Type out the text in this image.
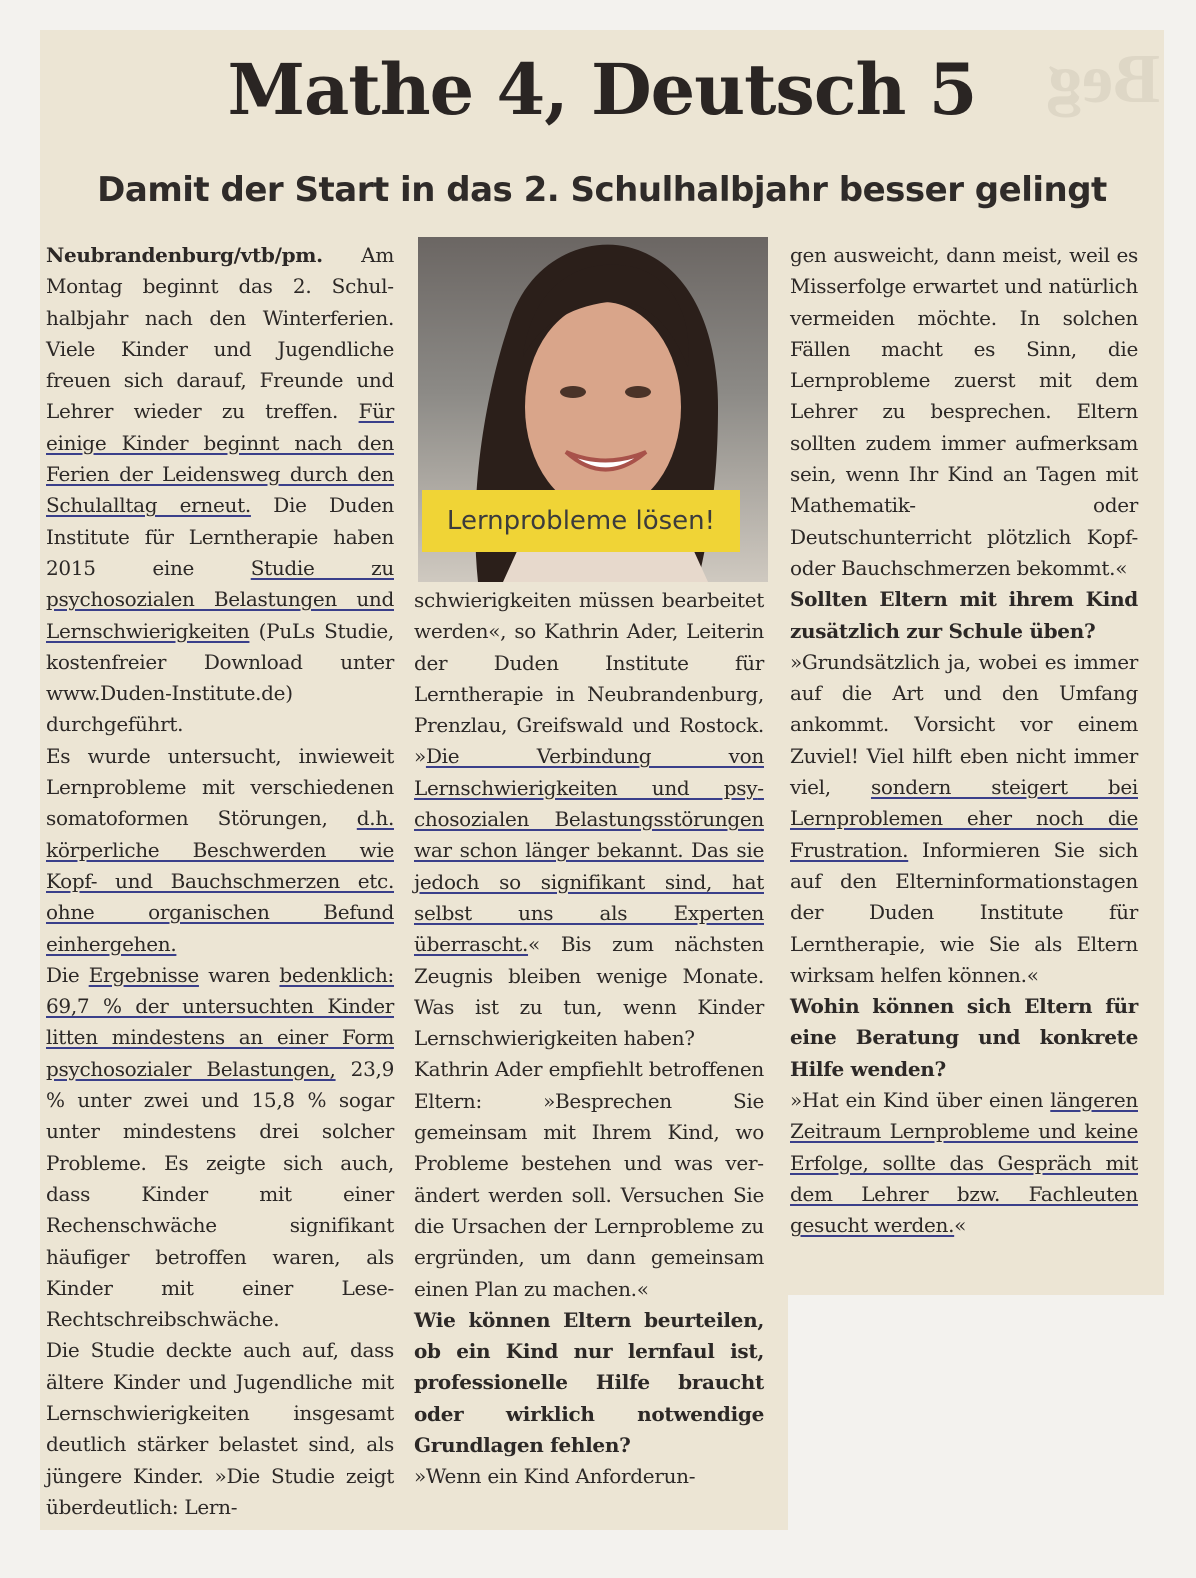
Beg
Mathe 4, Deutsch 5
Damit der Start in das 2. Schulhalbjahr besser gelingt

Neubrandenburg/vtb/pm. Am Montag beginnt das 2. Schulhalbjahr nach den Winterferien. Viele Kinder und Jugendliche freuen sich darauf, Freunde und Lehrer wieder zu treffen. Für einige Kinder beginnt nach den Ferien der Leidensweg durch den Schulalltag erneut. Die Duden Institute für Lerntherapie haben 2015 eine Studie zu psychosozialen Belastungen und Lernschwierigkeiten (PuLs Studie, kostenfreier Download unter www.Duden-Institute.de) durchgeführt.

Es wurde untersucht, inwieweit Lernprobleme mit verschiedenen somatoformen Störungen, d.h. körperliche Beschwerden wie Kopf- und Bauchschmerzen etc. ohne organischen Befund einhergehen.

Die Ergebnisse waren bedenklich: 69,7 % der untersuchten Kinder litten mindestens an einer Form psychosozialer Belastungen, 23,9 % unter zwei und 15,8 % sogar unter mindestens drei solcher Probleme. Es zeigte sich auch, dass Kinder mit einer Rechenschwäche signifikant häufiger betroffen waren, als Kinder mit einer Lese-Rechtschreibschwäche.

Die Studie deckte auch auf, dass ältere Kinder und Jugendliche mit Lernschwierigkeiten insgesamt deutlich stärker belastet sind, als jüngere Kinder. »Die Studie zeigt überdeutlich: Lern-

Lernprobleme lösen!

schwierigkeiten müssen bearbeitet werden«, so Kathrin Ader, Leiterin der Duden Institute für Lerntherapie in Neubrandenburg, Prenzlau, Greifswald und Rostock. »Die Verbindung von Lernschwierigkeiten und psychosozialen Belastungsstörungen war schon länger bekannt. Das sie jedoch so signifikant sind, hat selbst uns als Experten überrascht.« Bis zum nächsten Zeugnis bleiben wenige Monate. Was ist zu tun, wenn Kinder Lernschwierigkeiten haben?

Kathrin Ader empfiehlt betroffenen Eltern: »Besprechen Sie gemeinsam mit Ihrem Kind, wo Probleme bestehen und was verändert werden soll. Versuchen Sie die Ursachen der Lernprobleme zu ergründen, um dann gemeinsam einen Plan zu machen.«

Wie können Eltern beurteilen, ob ein Kind nur lernfaul ist, professionelle Hilfe braucht oder wirklich notwendige Grundlagen fehlen?

»Wenn ein Kind Anforderun-

gen ausweicht, dann meist, weil es Misserfolge erwartet und natürlich vermeiden möchte. In solchen Fällen macht es Sinn, die Lernprobleme zuerst mit dem Lehrer zu besprechen. Eltern sollten zudem immer aufmerksam sein, wenn Ihr Kind an Tagen mit Mathematik- oder Deutschunterricht plötzlich Kopf- oder Bauchschmerzen bekommt.«

Sollten Eltern mit ihrem Kind zusätzlich zur Schule üben?

»Grundsätzlich ja, wobei es immer auf die Art und den Umfang ankommt. Vorsicht vor einem Zuviel! Viel hilft eben nicht immer viel, sondern steigert bei Lernproblemen eher noch die Frustration. Informieren Sie sich auf den Elterninformationstagen der Duden Institute für Lerntherapie, wie Sie als Eltern wirksam helfen können.«

Wohin können sich Eltern für eine Beratung und konkrete Hilfe wenden?

»Hat ein Kind über einen längeren Zeitraum Lernprobleme und keine Erfolge, sollte das Gespräch mit dem Lehrer bzw. Fachleuten gesucht werden.«
